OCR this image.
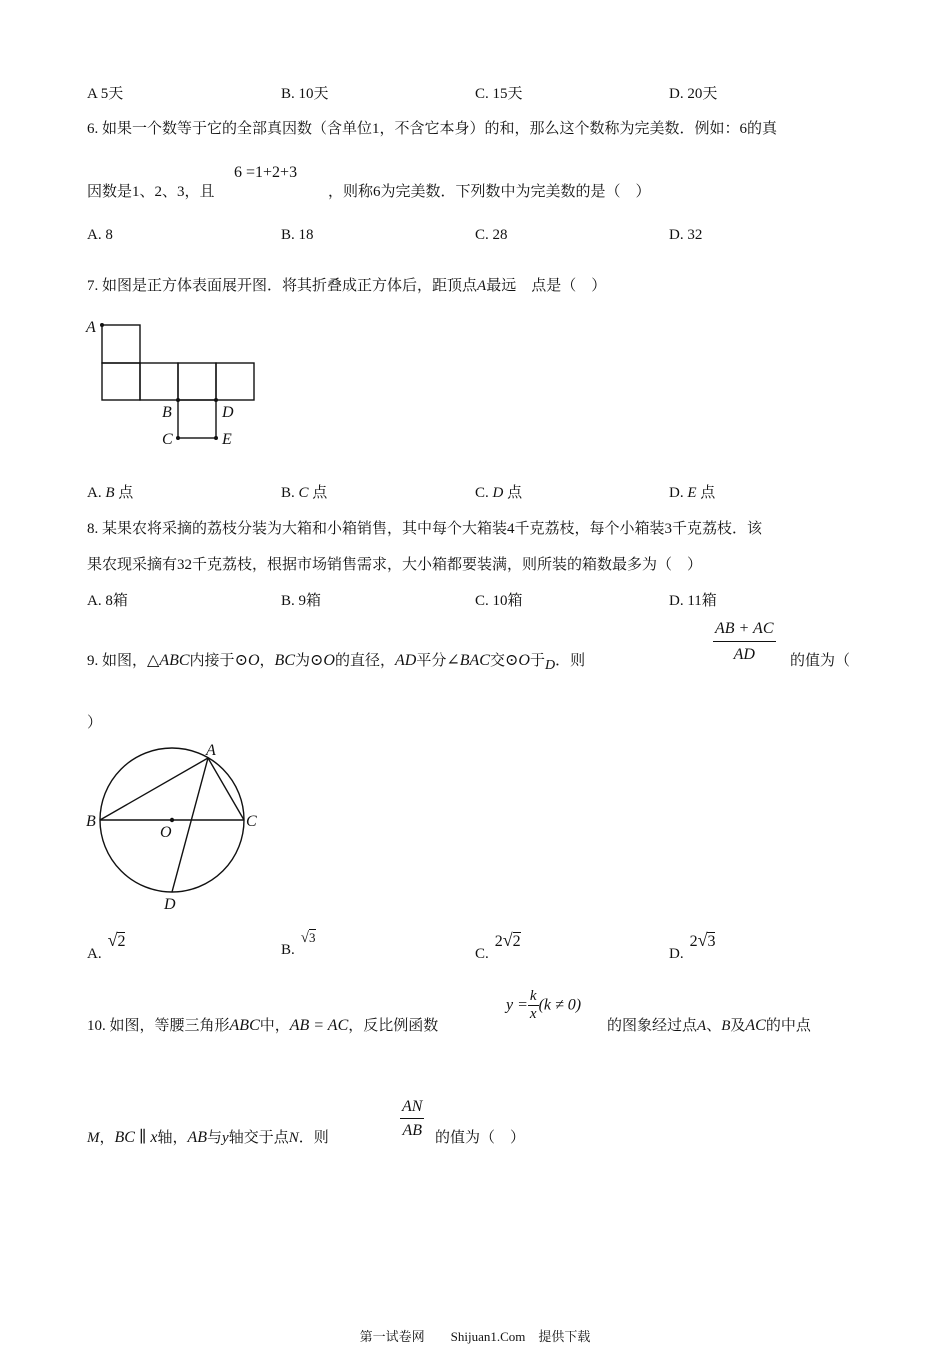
A 5天	B. 10天	C. 15天	D. 20天
6. 如果一个数等于它的全部真因数（含单位1，不含它本身）的和，那么这个数称为完美数．例如：6的真
因数是1、2、3，且
6 =1+2+3
，则称6为完美数．下列数中为完美数的是（　）
A. 8	B. 18	C. 28	D. 32
7. 如图是正方体表面展开图．将其折叠成正方体后，距顶点A最远　点是（　）
A
B	D
C	E
A. B 点	B. C 点	C. D 点	D. E 点
8. 某果农将采摘的荔枝分装为大箱和小箱销售，其中每个大箱装4千克荔枝，每个小箱装3千克荔枝．该
果农现采摘有32千克荔枝，根据市场销售需求，大小箱都要装满，则所装的箱数最多为（　）
A. 8箱	B. 9箱	C. 10箱	D. 11箱
9. 如图，△ABC内接于⊙O，BC为⊙O的直径，AD平分∠BAC交⊙O于D．则	$\frac{AB + AC}{AD}$ 的值为（
）
A
B
O
C
D
A.√2	B.√3
C.2√2
D.2√3
10. 如图，等腰三角形ABC中，AB = AC，反比例函数
$y = \frac{k}{x} (k \ne 0)$
的图象经过点A、B及AC的中点
M，BC ∥ x轴，AB与y轴交于点N．则	$\frac{AN}{AB}$ 的值为（　）
第一试卷网　　Shijuan1.Com　提供下载
